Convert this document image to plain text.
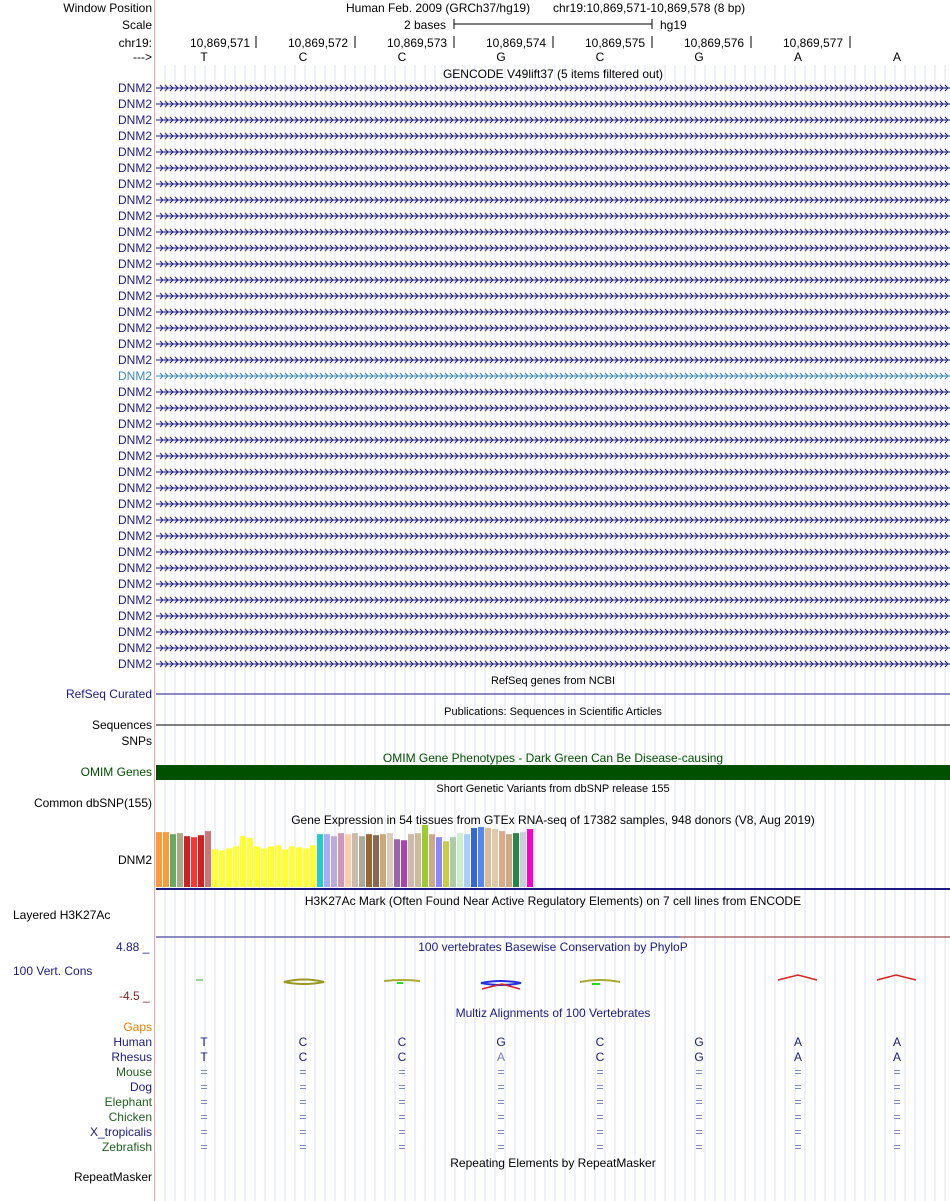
Window Position	Human Feb. 2009 (GRCh37/hg19) chr19:10,869,571-10,869,578 (8 bp)
Scale	2 bases	hg19
chr19:	10,869,571	10,869,572	10,869,573	10,869,574	10,869,575	10,869,576	10,869,577
--->	T	C	C	G	C	G	A	A
GENCODE V49lift37 (5 items filtered out)
DNM2
DNM2
DNM2
DNM2
DNM2
DNM2
DNM2
DNM2
DNM2
DNM2
DNM2
DNM2
DNM2
DNM2
DNM2
DNM2
DNM2
DNM2
DNM2
DNM2
DNM2
DNM2
DNM2
DNM2
DNM2
DNM2
DNM2
DNM2
DNM2
DNM2
DNM2
DNM2
DNM2
DNM2
DNM2
DNM2
DNM2
RefSeq genes from NCBI
RefSeq Curated
Publications: Sequences in Scientific Articles
Sequences
SNPs
OMIM Gene Phenotypes - Dark Green Can Be Disease-causing
OMIM Genes
Short Genetic Variants from dbSNP release 155
Common dbSNP(155)
Gene Expression in 54 tissues from GTEx RNA-seq of 17382 samples, 948 donors (V8, Aug 2019)
DNM2
H3K27Ac Mark (Often Found Near Active Regulatory Elements) on 7 cell lines from ENCODE
Layered H3K27Ac
100 vertebrates Basewise Conservation by PhyloP
4.88 _
100 Vert. Cons
-4.5 _
Multiz Alignments of 100 Vertebrates
Gaps
Human	T	C	C	G	C	G	A	A
Rhesus	T	C	C	A	C	G	A	A
Mouse	=	=	=	=	=	=	=	=
Dog	=	=	=	=	=	=	=	=
Elephant	=	=	=	=	=	=	=	=
Chicken	=	=	=	=	=	=	=	=
X_tropicalis	=	=	=	=	=	=	=	=
Zebrafish	=	=	=	=	=	=	=	=
Repeating Elements by RepeatMasker
RepeatMasker
